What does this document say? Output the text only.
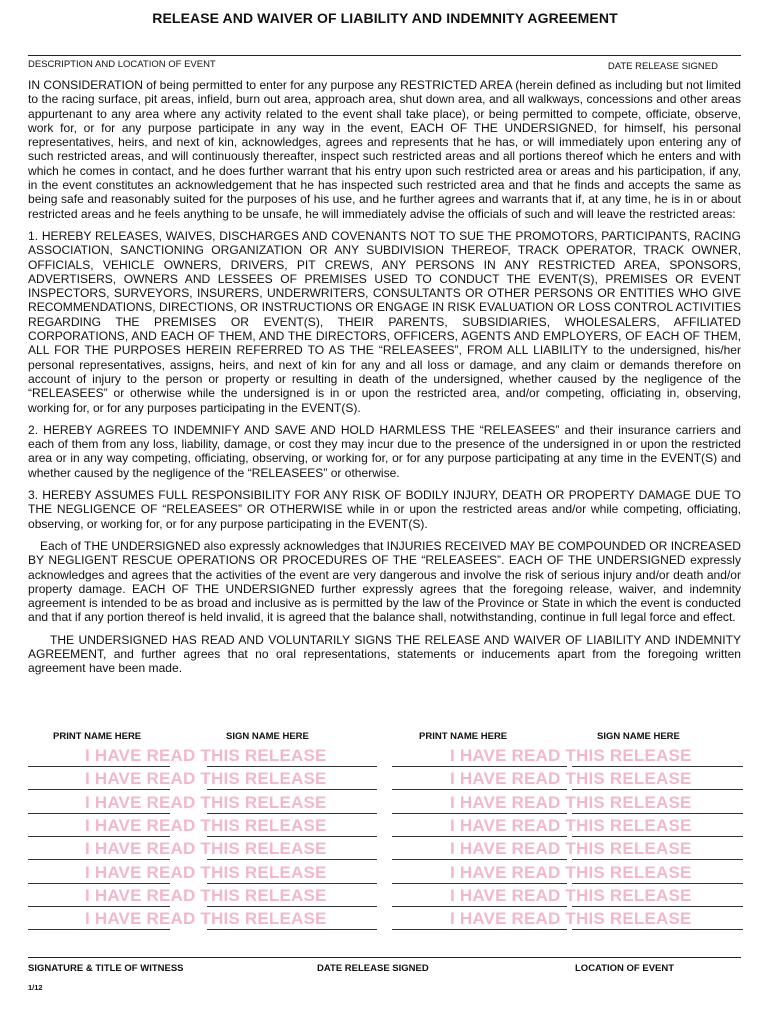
RELEASE AND WAIVER OF LIABILITY AND INDEMNITY AGREEMENT
DESCRIPTION AND LOCATION OF EVENT	DATE RELEASE SIGNED

IN CONSIDERATION of being permitted to enter for any purpose any RESTRICTED AREA (herein defined as including but not limited to the racing surface, pit areas, infield, burn out area, approach area, shut down area, and all walkways, concessions and other areas appurtenant to any area where any activity related to the event shall take place), or being permitted to compete, officiate, observe, work for, or for any purpose participate in any way in the event, EACH OF THE UNDERSIGNED, for himself, his personal representatives, heirs, and next of kin, acknowledges, agrees and represents that he has, or will immediately upon entering any of such restricted areas, and will continuously thereafter, inspect such restricted areas and all portions thereof which he enters and with which he comes in contact, and he does further warrant that his entry upon such restricted area or areas and his participation, if any, in the event constitutes an acknowledgement that he has inspected such restricted area and that he finds and accepts the same as being safe and reasonably suited for the purposes of his use, and he further agrees and warrants that if, at any time, he is in or about restricted areas and he feels anything to be unsafe, he will immediately advise the officials of such and will leave the restricted areas:

1. HEREBY RELEASES, WAIVES, DISCHARGES AND COVENANTS NOT TO SUE THE PROMOTORS, PARTICIPANTS, RACING ASSOCIATION, SANCTIONING ORGANIZATION OR ANY SUBDIVISION THEREOF, TRACK OPERATOR, TRACK OWNER, OFFICIALS, VEHICLE OWNERS, DRIVERS, PIT CREWS, ANY PERSONS IN ANY RESTRICTED AREA, SPONSORS, ADVERTISERS, OWNERS AND LESSEES OF PREMISES USED TO CONDUCT THE EVENT(S), PREMISES OR EVENT INSPECTORS, SURVEYORS, INSURERS, UNDERWRITERS, CONSULTANTS OR OTHER PERSONS OR ENTITIES WHO GIVE RECOMMENDATIONS, DIRECTIONS, OR INSTRUCTIONS OR ENGAGE IN RISK EVALUATION OR LOSS CONTROL ACTIVITIES REGARDING THE PREMISES OR EVENT(S), THEIR PARENTS, SUBSIDIARIES, WHOLESALERS, AFFILIATED CORPORATIONS, AND EACH OF THEM, AND THE DIRECTORS, OFFICERS, AGENTS AND EMPLOYERS, OF EACH OF THEM, ALL FOR THE PURPOSES HEREIN REFERRED TO AS THE “RELEASEES”, FROM ALL LIABILITY to the undersigned, his/her personal representatives, assigns, heirs, and next of kin for any and all loss or damage, and any claim or demands therefore on account of injury to the person or property or resulting in death of the undersigned, whether caused by the negligence of the “RELEASEES” or otherwise while the undersigned is in or upon the restricted area, and/or competing, officiating in, observing, working for, or for any purposes participating in the EVENT(S).

2. HEREBY AGREES TO INDEMNIFY AND SAVE AND HOLD HARMLESS THE “RELEASEES” and their insurance carriers and each of them from any loss, liability, damage, or cost they may incur due to the presence of the undersigned in or upon the restricted area or in any way competing, officiating, observing, or working for, or for any purpose participating at any time in the EVENT(S) and whether caused by the negligence of the “RELEASEES” or otherwise.

3. HEREBY ASSUMES FULL RESPONSIBILITY FOR ANY RISK OF BODILY INJURY, DEATH OR PROPERTY DAMAGE DUE TO THE NEGLIGENCE OF “RELEASEES” OR OTHERWISE while in or upon the restricted areas and/or while competing, officiating, observing, or working for, or for any purpose participating in the EVENT(S).

Each of THE UNDERSIGNED also expressly acknowledges that INJURIES RECEIVED MAY BE COMPOUNDED OR INCREASED BY NEGLIGENT RESCUE OPERATIONS OR PROCEDURES OF THE “RELEASEES”. EACH OF THE UNDERSIGNED expressly acknowledges and agrees that the activities of the event are very dangerous and involve the risk of serious injury and/or death and/or property damage. EACH OF THE UNDERSIGNED further expressly agrees that the foregoing release, waiver, and indemnity agreement is intended to be as broad and inclusive as is permitted by the law of the Province or State in which the event is conducted and that if any portion thereof is held invalid, it is agreed that the balance shall, notwithstanding, continue in full legal force and effect.

THE UNDERSIGNED HAS READ AND VOLUNTARILY SIGNS THE RELEASE AND WAIVER OF LIABILITY AND INDEMNITY AGREEMENT, and further agrees that no oral representations, statements or inducements apart from the foregoing written agreement have been made.

PRINT NAME HERE	SIGN NAME HERE	PRINT NAME HERE	SIGN NAME HERE
I HAVE READ THIS RELEASE
I HAVE READ THIS RELEASE
I HAVE READ THIS RELEASE
I HAVE READ THIS RELEASE
I HAVE READ THIS RELEASE
I HAVE READ THIS RELEASE
I HAVE READ THIS RELEASE
I HAVE READ THIS RELEASE
I HAVE READ THIS RELEASE
I HAVE READ THIS RELEASE
I HAVE READ THIS RELEASE
I HAVE READ THIS RELEASE
I HAVE READ THIS RELEASE
I HAVE READ THIS RELEASE
I HAVE READ THIS RELEASE
I HAVE READ THIS RELEASE
SIGNATURE & TITLE OF WITNESS	DATE RELEASE SIGNED	LOCATION OF EVENT
1/12
